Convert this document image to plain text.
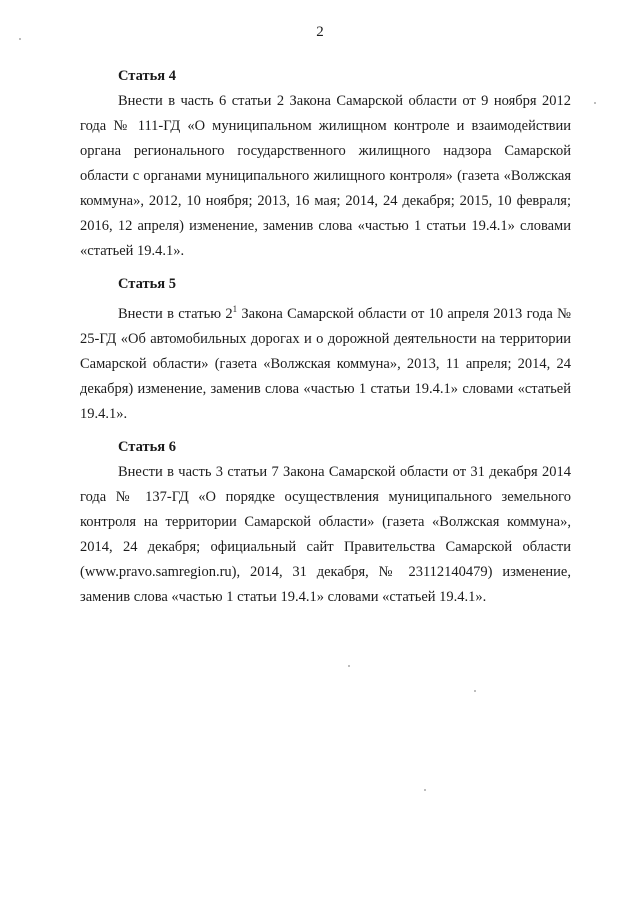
2
Статья 4
Внести в часть 6 статьи 2 Закона Самарской области от 9 ноября 2012 года № 111-ГД «О муниципальном жилищном контроле и взаимодействии органа регионального государственного жилищного надзора Самарской области с органами муниципального жилищного контроля» (газета «Волжская коммуна», 2012, 10 ноября; 2013, 16 мая; 2014, 24 декабря; 2015, 10 февраля; 2016, 12 апреля) изменение, заменив слова «частью 1 статьи 19.4.1» словами «статьей 19.4.1».
Статья 5
Внести в статью $2^1$ Закона Самарской области от 10 апреля 2013 года № 25-ГД «Об автомобильных дорогах и о дорожной деятельности на территории Самарской области» (газета «Волжская коммуна», 2013, 11 апреля; 2014, 24 декабря) изменение, заменив слова «частью 1 статьи 19.4.1» словами «статьей 19.4.1».
Статья 6
Внести в часть 3 статьи 7 Закона Самарской области от 31 декабря 2014 года № 137-ГД «О порядке осуществления муниципального земельного контроля на территории Самарской области» (газета «Волжская коммуна», 2014, 24 декабря; официальный сайт Правительства Самарской области (www.pravo.samregion.ru), 2014, 31 декабря, № 23112140479) изменение, заменив слова «частью 1 статьи 19.4.1» словами «статьей 19.4.1».
